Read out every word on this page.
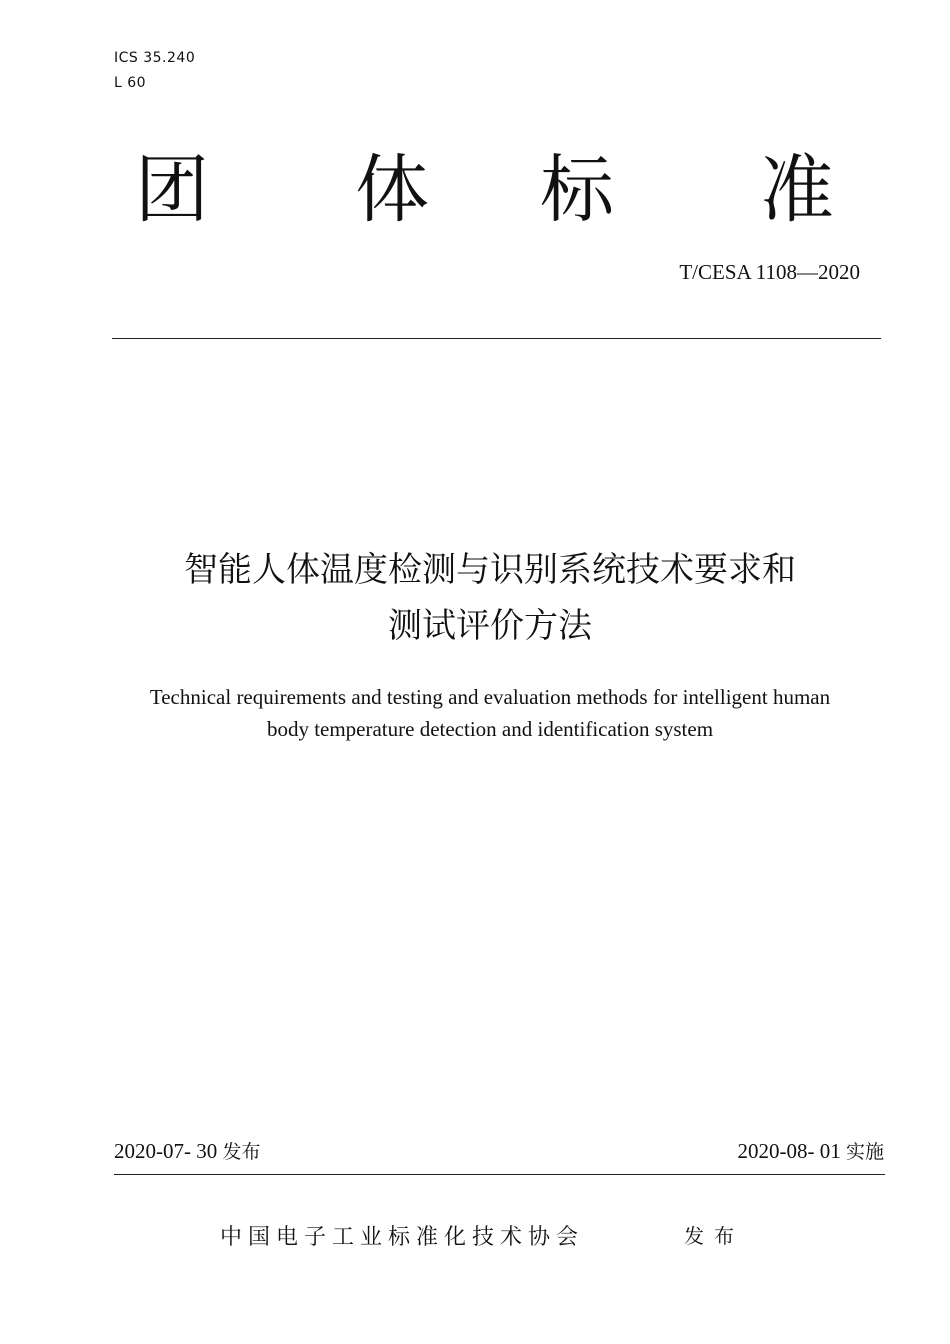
ICS 35.240
L 60
团 体 标 准
T/CESA 1108—2020
智能人体温度检测与识别系统技术要求和
测试评价方法
Technical requirements and testing and evaluation methods for intelligent human
body temperature detection and identification system
2020-07- 30 发布	2020-08- 01 实施
中国电子工业标准化技术协会	发布
